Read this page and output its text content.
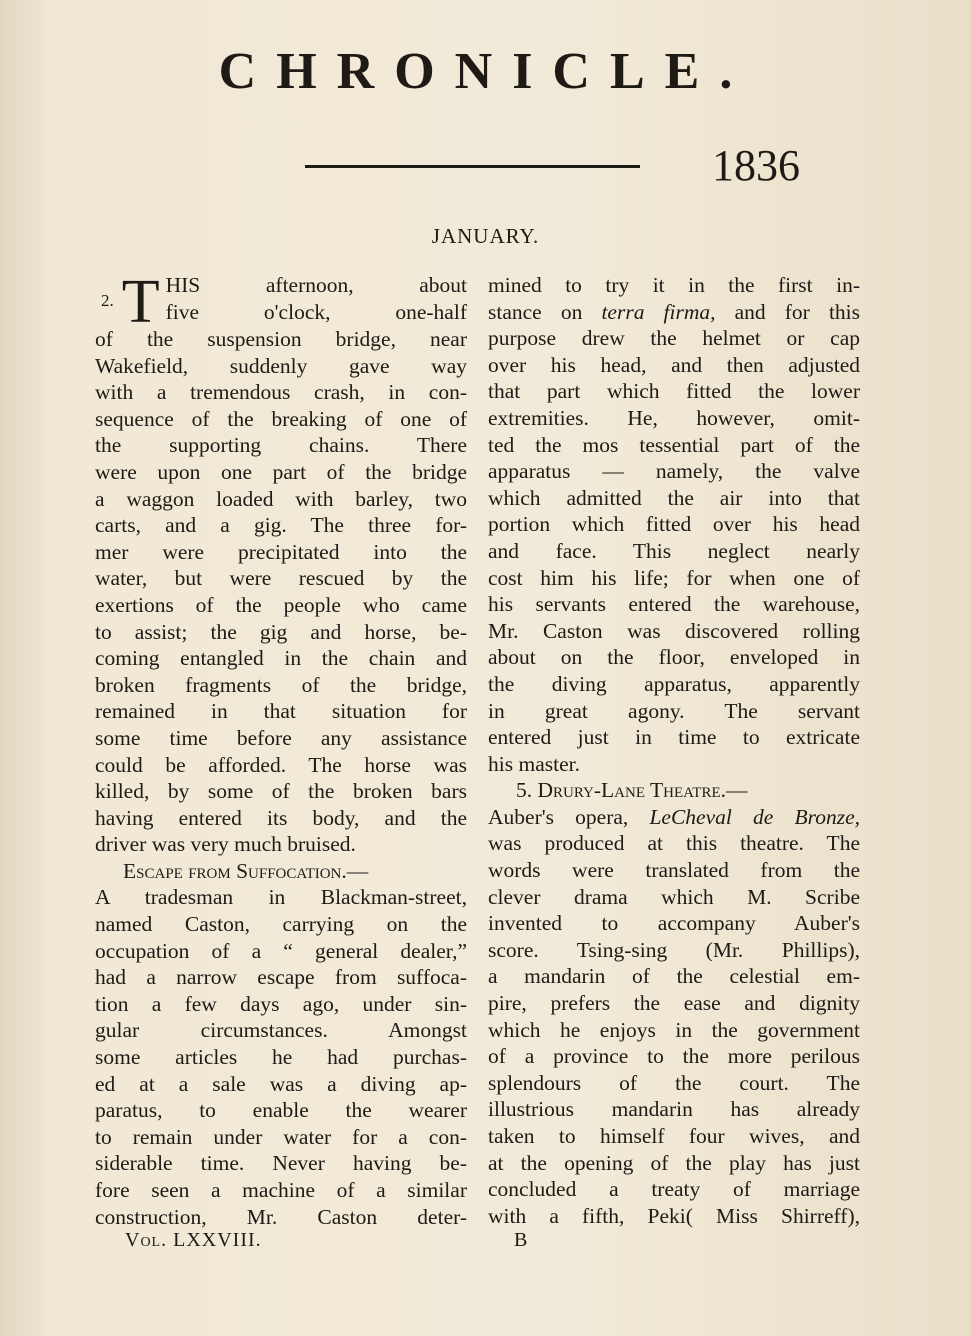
CHRONICLE.
1836
JANUARY.
2. T HIS afternoon, about
five o'clock, one-half
of the suspension bridge, near
Wakefield, suddenly gave way
with a tremendous crash, in con-
sequence of the breaking of one of
the supporting chains. There
were upon one part of the bridge
a waggon loaded with barley, two
carts, and a gig. The three for-
mer were precipitated into the
water, but were rescued by the
exertions of the people who came
to assist; the gig and horse, be-
coming entangled in the chain and
broken fragments of the bridge,
remained in that situation for
some time before any assistance
could be afforded. The horse was
killed, by some of the broken bars
having entered its body, and the
driver was very much bruised.
Escape from Suffocation.—
A tradesman in Blackman-street,
named Caston, carrying on the
occupation of a “ general dealer,”
had a narrow escape from suffoca-
tion a few days ago, under sin-
gular circumstances. Amongst
some articles he had purchas-
ed at a sale was a diving ap-
paratus, to enable the wearer
to remain under water for a con-
siderable time. Never having be-
fore seen a machine of a similar
construction, Mr. Caston deter-
mined to try it in the first in-
stance on terra firma, and for this
purpose drew the helmet or cap
over his head, and then adjusted
that part which fitted the lower
extremities. He, however, omit-
ted the mos tessential part of the
apparatus — namely, the valve
which admitted the air into that
portion which fitted over his head
and face. This neglect nearly
cost him his life; for when one of
his servants entered the warehouse,
Mr. Caston was discovered rolling
about on the floor, enveloped in
the diving apparatus, apparently
in great agony. The servant
entered just in time to extricate
his master.
5. Drury-Lane Theatre.—
Auber's opera, LeCheval de Bronze,
was produced at this theatre. The
words were translated from the
clever drama which M. Scribe
invented to accompany Auber's
score. Tsing-sing (Mr. Phillips),
a mandarin of the celestial em-
pire, prefers the ease and dignity
which he enjoys in the government
of a province to the more perilous
splendours of the court. The
illustrious mandarin has already
taken to himself four wives, and
at the opening of the play has just
concluded a treaty of marriage
with a fifth, Peki( Miss Shirreff),
Vol. LXXVIII.	B
